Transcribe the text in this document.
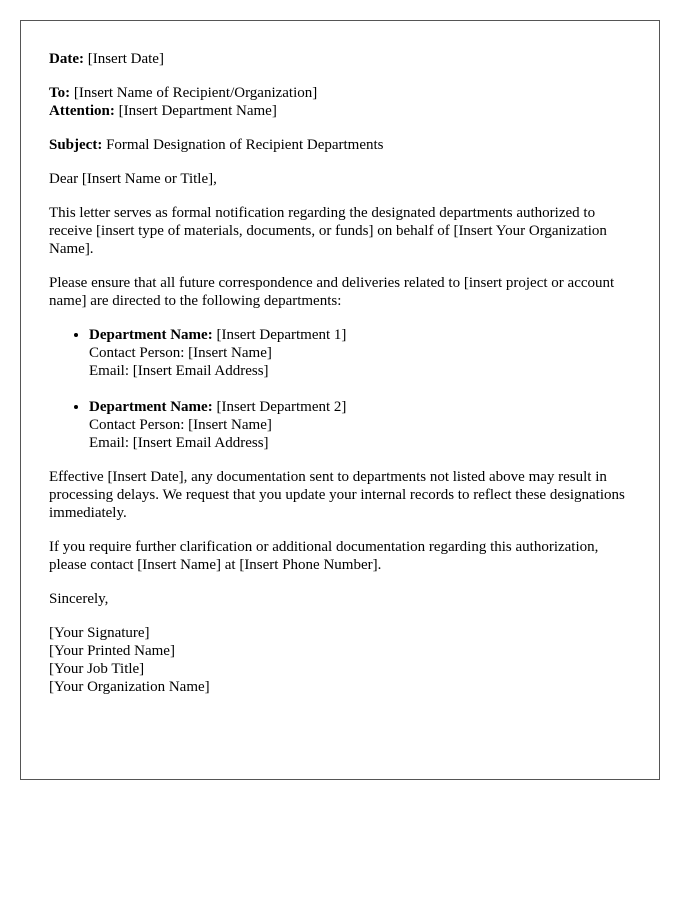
Date: [Insert Date]

To: [Insert Name of Recipient/Organization]
Attention: [Insert Department Name]

Subject: Formal Designation of Recipient Departments

Dear [Insert Name or Title],

This letter serves as formal notification regarding the designated departments authorized to receive [insert type of materials, documents, or funds] on behalf of [Insert Your Organization Name].

Please ensure that all future correspondence and deliveries related to [insert project or account name] are directed to the following departments:

• Department Name: [Insert Department 1]
Contact Person: [Insert Name]
Email: [Insert Email Address]
• Department Name: [Insert Department 2]
Contact Person: [Insert Name]
Email: [Insert Email Address]

Effective [Insert Date], any documentation sent to departments not listed above may result in processing delays. We request that you update your internal records to reflect these designations immediately.

If you require further clarification or additional documentation regarding this authorization, please contact [Insert Name] at [Insert Phone Number].

Sincerely,

[Your Signature]
[Your Printed Name]
[Your Job Title]
[Your Organization Name]
